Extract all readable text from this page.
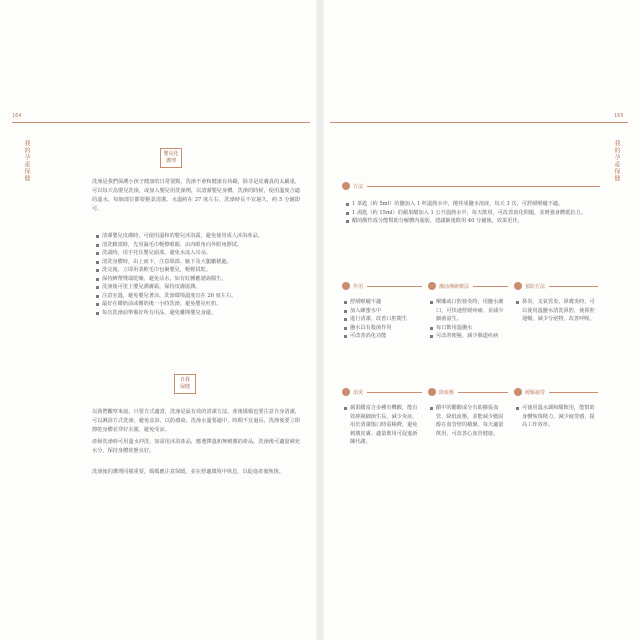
164	165
我的孕產保健	我的孕產保健
嬰兒化
護理
洗澡是我們保護小孩子健康的日常要點，洗澡不會和健康有妨礙，除非是皮膚真的太嚴重，可以每天為嬰兒洗澡，或加入嬰兒用洗澡劑，以清潔嬰兒身體。洗澡的時候，使用溫度合適的溫水，每個部位都要輕柔清潔。水溫約在 37 度左右，洗澡時長不宜過久，約 5 分鐘即可。
清潔嬰兒皮膚時，可使用溫和的嬰兒沐浴露，避免使用成人沐浴產品。
清洗臉部時，先用濕毛巾輕擦眼睛，由內眼角向外眼角擦拭。
洗頭時，用手托住嬰兒頭部，避免水流入耳朵。
清洗身體時，由上而下，注意頸部、腋下及大腿皺褶處。
洗完後，立即用柔軟毛巾包裹嬰兒，輕輕拭乾。
保持臍帶殘端乾燥，避免沾水，如有紅腫應諮詢醫生。
洗澡後可塗上嬰兒潤膚霜，保持皮膚滋潤。
注意室溫，避免嬰兒著涼，洗澡環境溫度宜在 26 度左右。
最好在餵奶前或餵奶後一小時洗澡，避免嬰兒吐奶。
每次洗澡前準備好所有用品，避免離開嬰兒身邊。
自我
保健
以我們觀察來說，只要方式適當，洗澡是最有效的清潔方法。產後媽媽也要注意自身清潔，可以淋浴方式洗澡，避免盆浴，以防感染。洗澡水溫要適中，時間不宜過長，洗澡後要立即擦乾身體並穿好衣服，避免受涼。
產婦洗澡時可用溫水沖洗，如需用沐浴產品，應選擇溫和無刺激的產品。洗澡後可適量補充水分，保持身體狀態良好。
洗澡後的護理同樣重要，媽媽應注意保暖，並在舒適環境中休息，以促進產後恢復。
方法
1 茶匙（約 5ml）的鹽加入 1 杯溫熱水中，攪拌成鹽水溶液，每天 3 次，可舒緩喉嚨不適。
1 湯匙（約 15ml）的蘋果醋加入 1 公升溫熱水中，每天飲用，可改善消化問題，並增強身體抵抗力。
醋的酸性成分能幫助分解體內脂肪，建議飯後飲用 40 分鐘後，效果更佳。
作用
舒緩喉嚨不適
加入蜂蜜水中
進行清潔，改善口腔衛生
鹽水具有殺菌作用
可改善消化功能
潮汕傳統療法
喉嚨或口腔發炎時，用鹽水漱口，可快速舒緩疼痛，並減少細菌滋生。
每日飲用溫鹽水
可改善便秘，減少腸道疾病
預防方法
鼻炎、支氣管炎、鼻竇炎時，可以使用溫鹽水清洗鼻腔，使鼻腔通暢，減少分泌物，改善呼吸。
消炎
蘋果醋富含多種有機酸，能有效抑制細菌生長，減少炎症。用於清潔傷口時需稀釋，避免刺激皮膚。適量飲用可促進新陳代謝。
降血壓
醋中的醋酸成分有助擴張血管，降低血壓，並能減少膽固醇在血管壁的積聚。每天適量飲用，可改善心血管健康。
緩解疲勞
可使用溫水調和醋飲用，能幫助身體恢復精力，減少疲勞感，提高工作效率。
